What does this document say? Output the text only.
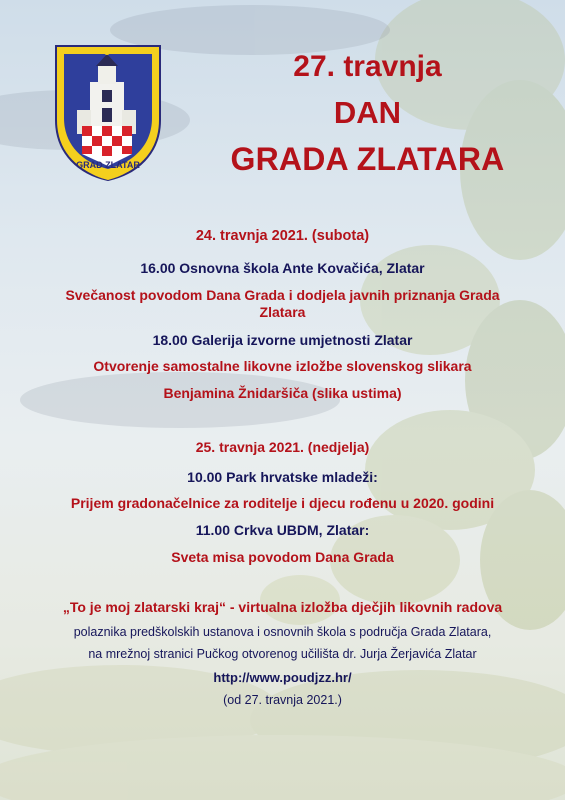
GRAD ZLATAR

27. travnja

DAN

GRADA ZLATARA

24. travnja 2021. (subota)

16.00 Osnovna škola Ante Kovačića, Zlatar

Svečanost povodom Dana Grada i dodjela javnih priznanja Grada

Zlatara

18.00 Galerija izvorne umjetnosti Zlatar

Otvorenje samostalne likovne izložbe slovenskog slikara

Benjamina Žnidaršiča (slika ustima)

25. travnja 2021. (nedjelja)

10.00 Park hrvatske mladeži:

Prijem gradonačelnice za roditelje i djecu rođenu u 2020. godini

11.00 Crkva UBDM, Zlatar:

Sveta misa povodom Dana Grada

„To je moj zlatarski kraj“ - virtualna izložba dječjih likovnih radova

polaznika predškolskih ustanova i osnovnih škola s područja Grada Zlatara,

na mrežnoj stranici Pučkog otvorenog učilišta dr. Jurja Žerjavića Zlatar

http://www.poudjzz.hr/

(od 27. travnja 2021.)
